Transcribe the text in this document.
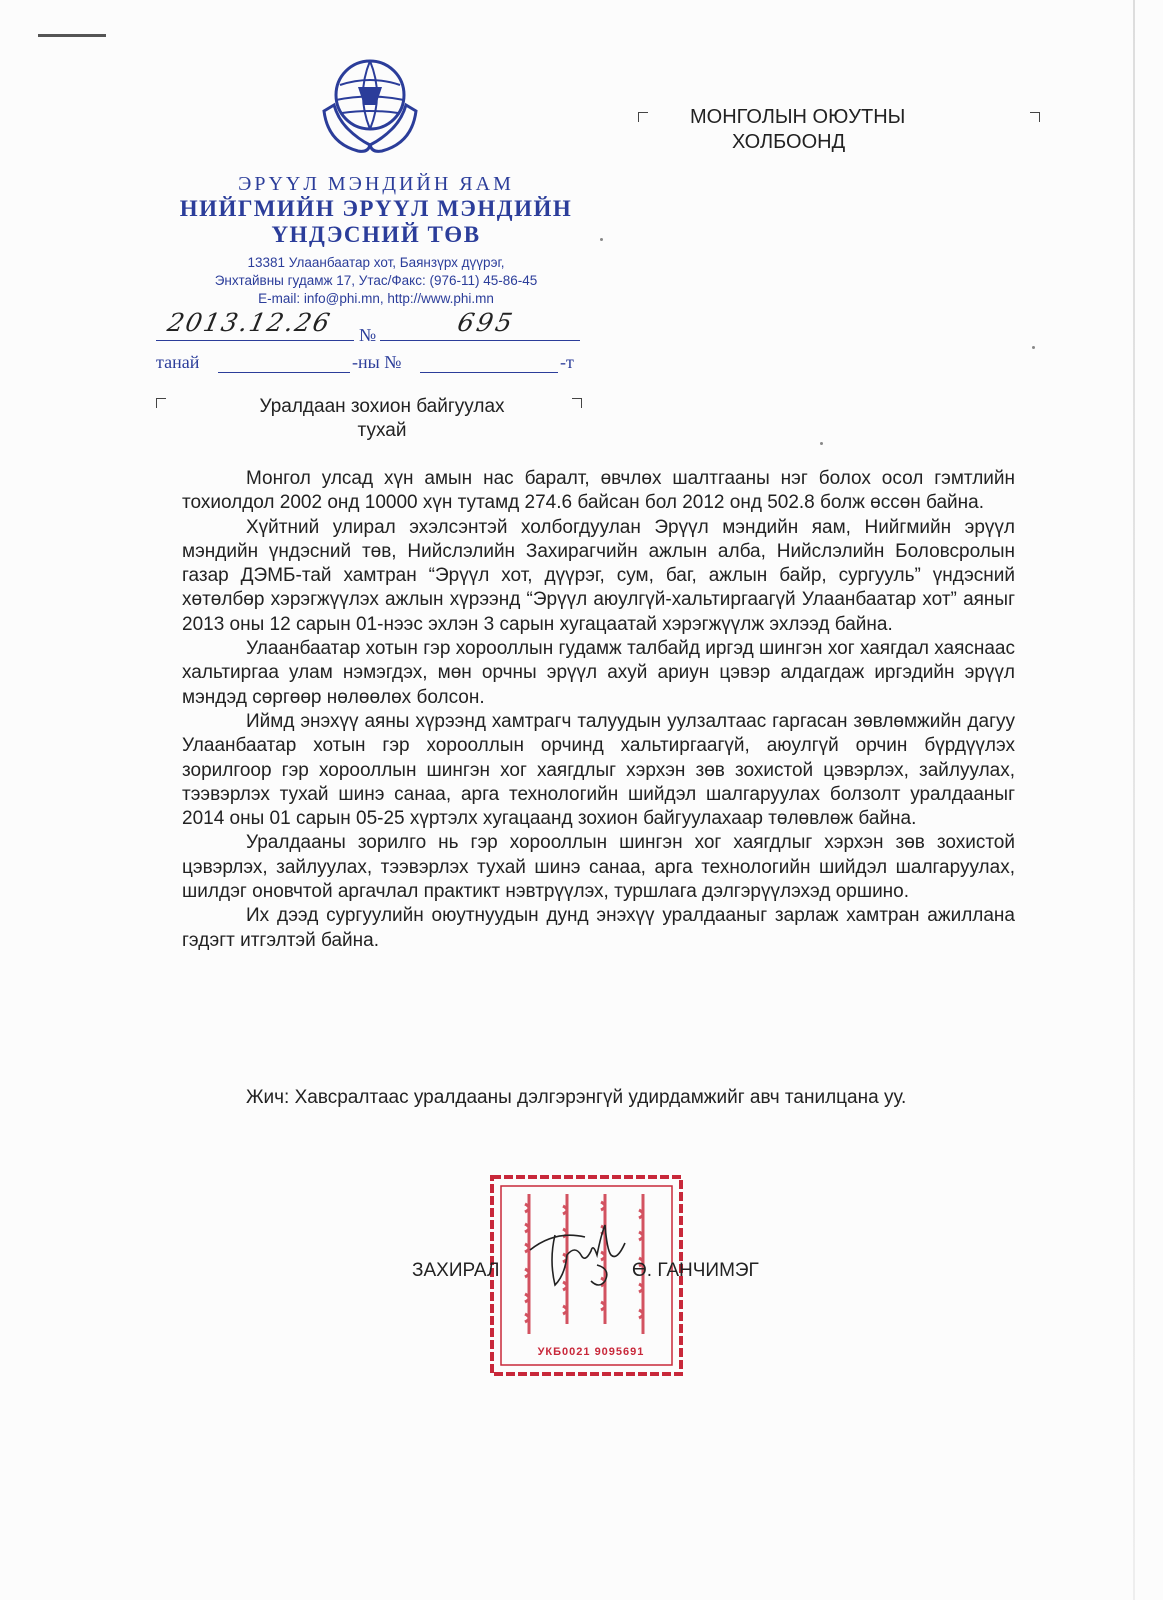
ЭРҮҮЛ МЭНДИЙН ЯАМ
НИЙГМИЙН ЭРҮҮЛ МЭНДИЙН
ҮНДЭСНИЙ ТӨВ
13381 Улаанбаатар хот, Баянзүрх дүүрэг,
Энхтайвны гудамж 17, Утас/Факс: (976-11) 45-86-45
E-mail: info@phi.mn, http://www.phi.mn
2013.12.26 №	695
танай	-ны №	-т
МОНГОЛЫН ОЮУТНЫ
ХОЛБООНД
Уралдаан зохион байгуулах
тухай

Монгол улсад хүн амын нас баралт, өвчлөх шалтгааны нэг болох осол гэмтлийн тохиолдол 2002 онд 10000 хүн тутамд 274.6 байсан бол 2012 онд 502.8 болж өссөн байна.

Хүйтний улирал эхэлсэнтэй холбогдуулан Эрүүл мэндийн яам, Нийгмийн эрүүл мэндийн үндэсний төв, Нийслэлийн Захирагчийн ажлын алба, Нийслэлийн Боловсролын газар ДЭМБ-тай хамтран “Эрүүл хот, дүүрэг, сум, баг, ажлын байр, сургууль” үндэсний хөтөлбөр хэрэгжүүлэх ажлын хүрээнд “Эрүүл аюулгүй-хальтиргаагүй Улаанбаатар хот” аяныг 2013 оны 12 сарын 01-нээс эхлэн 3 сарын хугацаатай хэрэгжүүлж эхлээд байна.

Улаанбаатар хотын гэр хорооллын гудамж талбайд иргэд шингэн хог хаягдал хаяснаас хальтиргаа улам нэмэгдэх, мөн орчны эрүүл ахуй ариун цэвэр алдагдаж иргэдийн эрүүл мэндэд сөргөөр нөлөөлөх болсон.

Иймд энэхүү аяны хүрээнд хамтрагч талуудын уулзалтаас гаргасан зөвлөмжийн дагуу Улаанбаатар хотын гэр хорооллын орчинд хальтиргаагүй, аюулгүй орчин бүрдүүлэх зорилгоор гэр хорооллын шингэн хог хаягдлыг хэрхэн зөв зохистой цэвэрлэх, зайлуулах, тээвэрлэх тухай шинэ санаа, арга технологийн шийдэл шалгаруулах болзолт уралдааныг 2014 оны 01 сарын 05-25 хүртэлх хугацаанд зохион байгуулахаар төлөвлөж байна.

Уралдааны зорилго нь гэр хорооллын шингэн хог хаягдлыг хэрхэн зөв зохистой цэвэрлэх, зайлуулах, тээвэрлэх тухай шинэ санаа, арга технологийн шийдэл шалгаруулах, шилдэг оновчтой аргачлал практикт нэвтрүүлэх, туршлага дэлгэрүүлэхэд оршино.

Их дээд сургуулийн оюутнуудын дунд энэхүү уралдааныг зарлаж хамтран ажиллана гэдэгт итгэлтэй байна.

Жич: Хавсралтаас уралдааны дэлгэрэнгүй удирдамжийг авч танилцана уу.
УКБ0021 9095691
ЗАХИРАЛ	Ө. ГАНЧИМЭГ
